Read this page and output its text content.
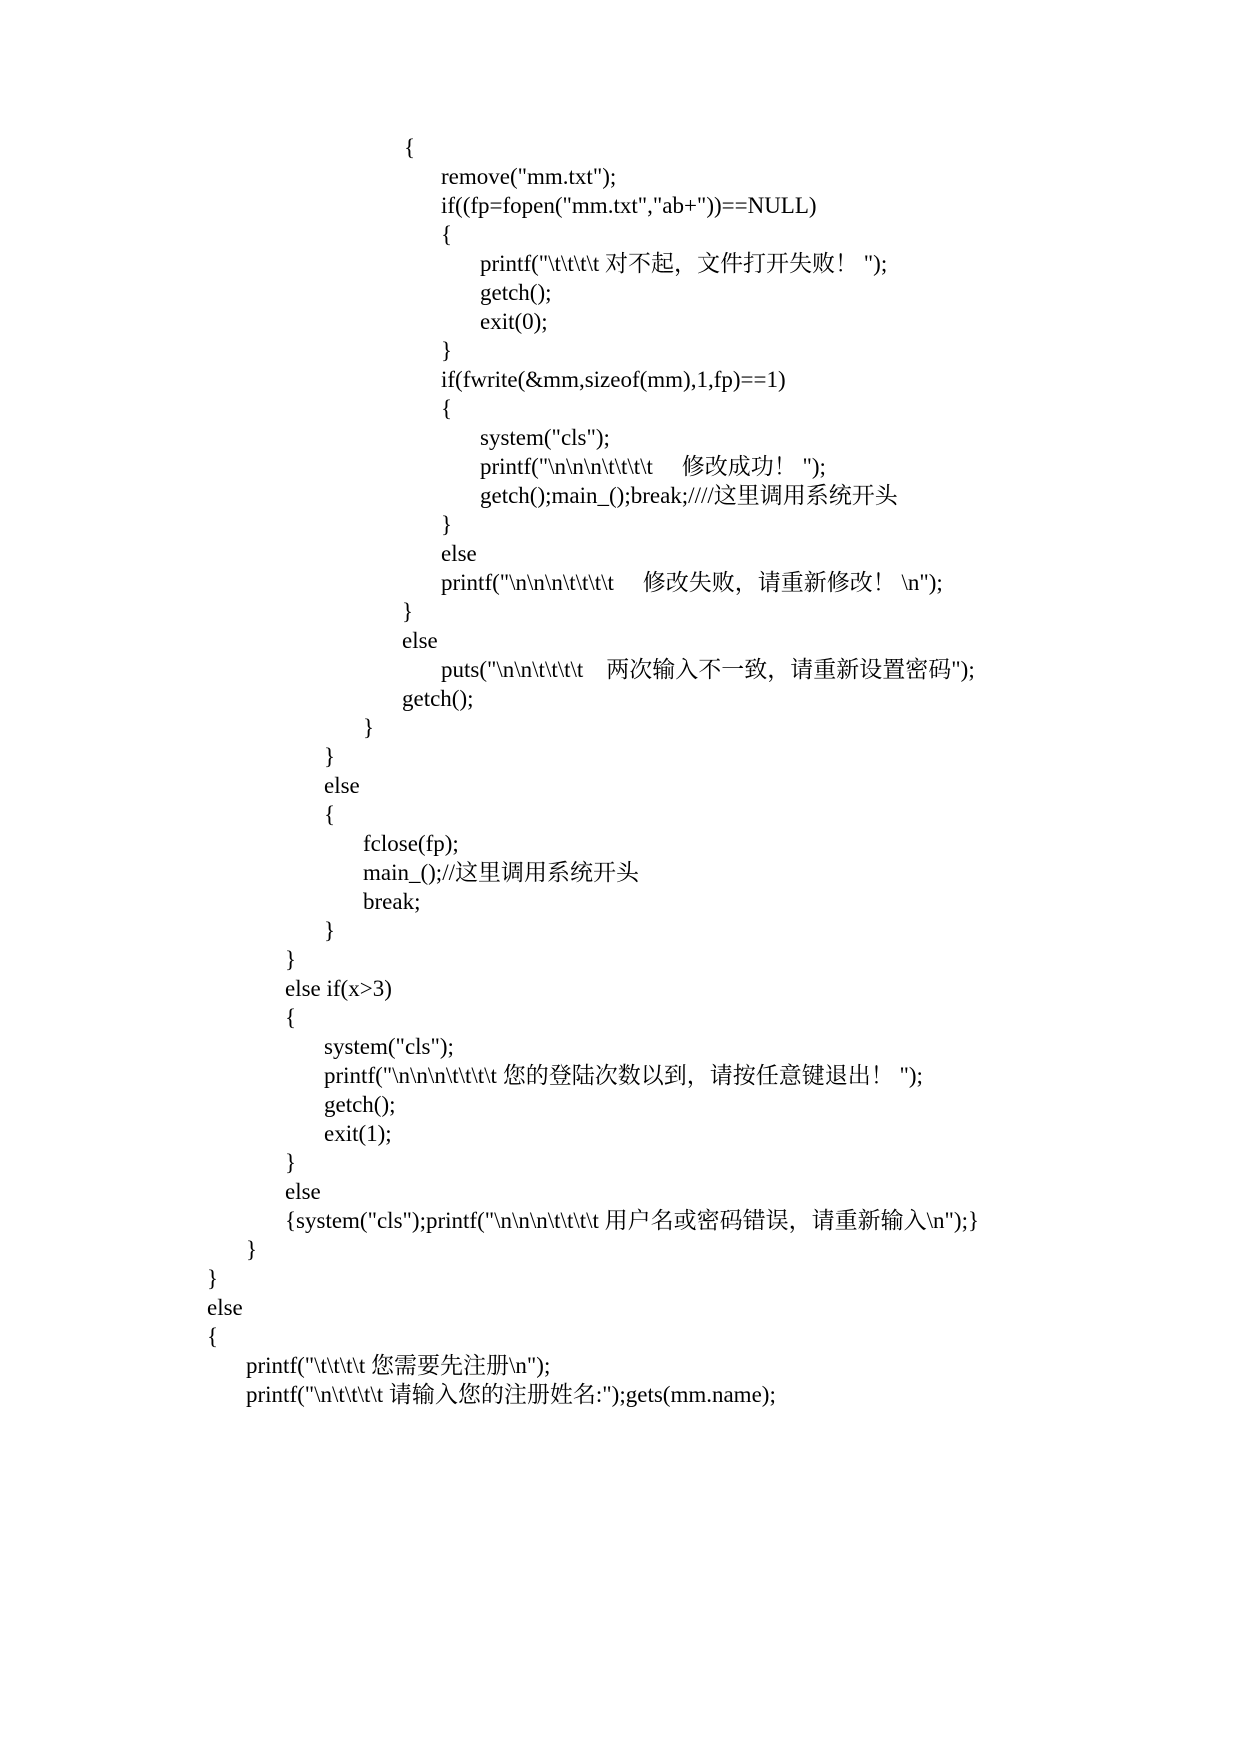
{
remove("mm.txt");
if((fp=fopen("mm.txt","ab+"))==NULL)
{
printf("\t\t\t\t 对不起，文件打开失败！ ");
getch();
exit(0);
}
if(fwrite(&mm,sizeof(mm),1,fp)==1)
{
system("cls");
printf("\n\n\n\t\t\t\t     修改成功！ ");
getch();main_();break;////这里调用系统开头
}
else
printf("\n\n\n\t\t\t\t     修改失败，请重新修改！ \n");
}
else
puts("\n\n\t\t\t\t    两次输入不一致，请重新设置密码");
getch();
}
}
else
{
fclose(fp);
main_();//这里调用系统开头
break;
}
}
else if(x>3)
{
system("cls");
printf("\n\n\n\t\t\t\t 您的登陆次数以到，请按任意键退出！ ");
getch();
exit(1);
}
else
{system("cls");printf("\n\n\n\t\t\t\t 用户名或密码错误，请重新输入\n");}
}
}
else
{
printf("\t\t\t\t 您需要先注册\n");
printf("\n\t\t\t\t 请输入您的注册姓名:");gets(mm.name);
